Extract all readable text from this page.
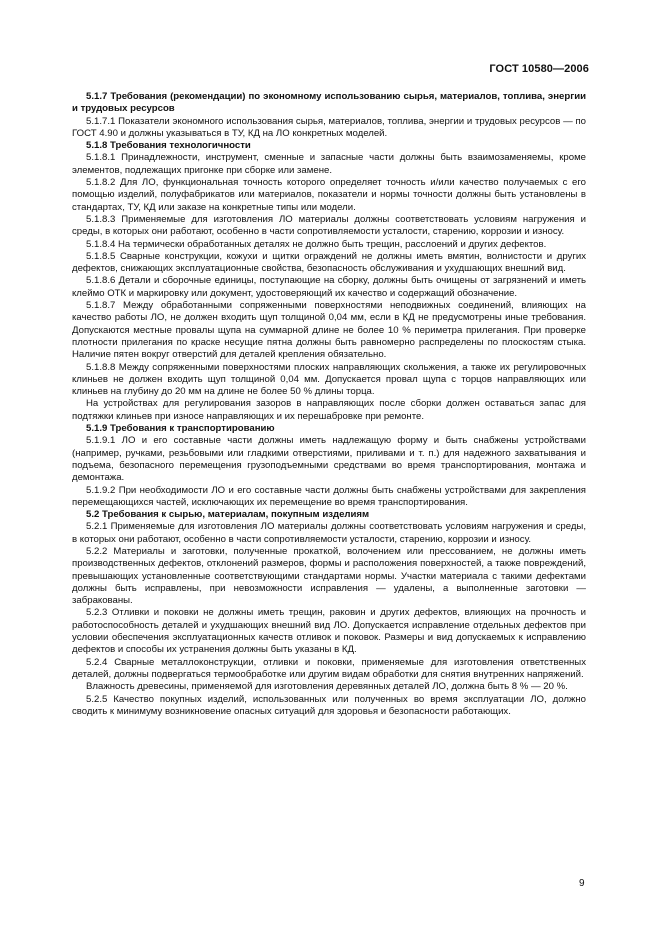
ГОСТ 10580—2006

5.1.7 Требования (рекомендации) по экономному использованию сырья, материалов, топлива, энергии и трудовых ресурсов

5.1.7.1 Показатели экономного использования сырья, материалов, топлива, энергии и трудовых ресурсов — по ГОСТ 4.90 и должны указываться в ТУ, КД на ЛО конкретных моделей.

5.1.8 Требования технологичности

5.1.8.1 Принадлежности, инструмент, сменные и запасные части должны быть взаимозаменяемы, кроме элементов, подлежащих пригонке при сборке или замене.

5.1.8.2 Для ЛО, функциональная точность которого определяет точность и/или качество получаемых с его помощью изделий, полуфабрикатов или материалов, показатели и нормы точности должны быть установлены в стандартах, ТУ, КД или заказе на конкретные типы или модели.

5.1.8.3 Применяемые для изготовления ЛО материалы должны соответствовать условиям нагружения и среды, в которых они работают, особенно в части сопротивляемости усталости, старению, коррозии и износу.

5.1.8.4 На термически обработанных деталях не должно быть трещин, расслоений и других дефектов.

5.1.8.5 Сварные конструкции, кожухи и щитки ограждений не должны иметь вмятин, волнистости и других дефектов, снижающих эксплуатационные свойства, безопасность обслуживания и ухудшающих внешний вид.

5.1.8.6 Детали и сборочные единицы, поступающие на сборку, должны быть очищены от загрязнений и иметь клеймо ОТК и маркировку или документ, удостоверяющий их качество и содержащий обозначение.

5.1.8.7 Между обработанными сопряженными поверхностями неподвижных соединений, влияющих на качество работы ЛО, не должен входить щуп толщиной 0,04 мм, если в КД не предусмотрены иные требования. Допускаются местные провалы щупа на суммарной длине не более 10 % периметра прилегания. При проверке плотности прилегания по краске несущие пятна должны быть равномерно распределены по плоскостям стыка. Наличие пятен вокруг отверстий для деталей крепления обязательно.

5.1.8.8 Между сопряженными поверхностями плоских направляющих скольжения, а также их регулировочных клиньев не должен входить щуп толщиной 0,04 мм. Допускается провал щупа с торцов направляющих или клиньев на глубину до 20 мм на длине не более 50 % длины торца.

На устройствах для регулирования зазоров в направляющих после сборки должен оставаться запас для подтяжки клиньев при износе направляющих и их перешабровке при ремонте.

5.1.9 Требования к транспортированию

5.1.9.1 ЛО и его составные части должны иметь надлежащую форму и быть снабжены устройствами (например, ручками, резьбовыми или гладкими отверстиями, приливами и т. п.) для надежного захватывания и подъема, безопасного перемещения грузоподъемными средствами во время транспортирования, монтажа и демонтажа.

5.1.9.2 При необходимости ЛО и его составные части должны быть снабжены устройствами для закрепления перемещающихся частей, исключающих их перемещение во время транспортирования.

5.2 Требования к сырью, материалам, покупным изделиям

5.2.1 Применяемые для изготовления ЛО материалы должны соответствовать условиям нагружения и среды, в которых они работают, особенно в части сопротивляемости усталости, старению, коррозии и износу.

5.2.2 Материалы и заготовки, полученные прокаткой, волочением или прессованием, не должны иметь производственных дефектов, отклонений размеров, формы и расположения поверхностей, а также повреждений, превышающих установленные соответствующими стандартами нормы. Участки материала с такими дефектами должны быть исправлены, при невозможности исправления — удалены, а выполненные заготовки — забракованы.

5.2.3 Отливки и поковки не должны иметь трещин, раковин и других дефектов, влияющих на прочность и работоспособность деталей и ухудшающих внешний вид ЛО. Допускается исправление отдельных дефектов при условии обеспечения эксплуатационных качеств отливок и поковок. Размеры и вид допускаемых к исправлению дефектов и способы их устранения должны быть указаны в КД.

5.2.4 Сварные металлоконструкции, отливки и поковки, применяемые для изготовления ответственных деталей, должны подвергаться термообработке или другим видам обработки для снятия внутренних напряжений.

Влажность древесины, применяемой для изготовления деревянных деталей ЛО, должна быть 8 % — 20 %.

5.2.5 Качество покупных изделий, использованных или полученных во время эксплуатации ЛО, должно сводить к минимуму возникновение опасных ситуаций для здоровья и безопасности работающих.

9
